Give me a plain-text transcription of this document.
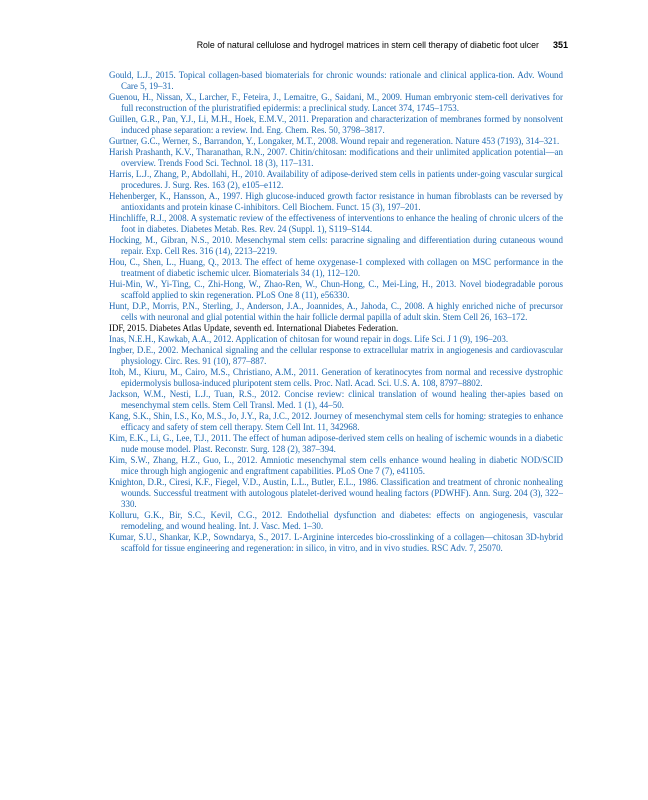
Role of natural cellulose and hydrogel matrices in stem cell therapy of diabetic foot ulcer 351
Gould, L.J., 2015. Topical collagen-based biomaterials for chronic wounds: rationale and clinical applica-tion. Adv. Wound Care 5, 19–31.
Guenou, H., Nissan, X., Larcher, F., Feteira, J., Lemaitre, G., Saidani, M., 2009. Human embryonic stem-cell derivatives for full reconstruction of the pluristratified epidermis: a preclinical study. Lancet 374, 1745–1753.
Guillen, G.R., Pan, Y.J., Li, M.H., Hoek, E.M.V., 2011. Preparation and characterization of membranes formed by nonsolvent induced phase separation: a review. Ind. Eng. Chem. Res. 50, 3798–3817.
Gurtner, G.C., Werner, S., Barrandon, Y., Longaker, M.T., 2008. Wound repair and regeneration. Nature 453 (7193), 314–321.
Harish Prashanth, K.V., Tharanathan, R.N., 2007. Chitin/chitosan: modifications and their unlimited application potential—an overview. Trends Food Sci. Technol. 18 (3), 117–131.
Harris, L.J., Zhang, P., Abdollahi, H., 2010. Availability of adipose-derived stem cells in patients under-going vascular surgical procedures. J. Surg. Res. 163 (2), e105–e112.
Hehenberger, K., Hansson, A., 1997. High glucose-induced growth factor resistance in human fibroblasts can be reversed by antioxidants and protein kinase C-inhibitors. Cell Biochem. Funct. 15 (3), 197–201.
Hinchliffe, R.J., 2008. A systematic review of the effectiveness of interventions to enhance the healing of chronic ulcers of the foot in diabetes. Diabetes Metab. Res. Rev. 24 (Suppl. 1), S119–S144.
Hocking, M., Gibran, N.S., 2010. Mesenchymal stem cells: paracrine signaling and differentiation during cutaneous wound repair. Exp. Cell Res. 316 (14), 2213–2219.
Hou, C., Shen, L., Huang, Q., 2013. The effect of heme oxygenase-1 complexed with collagen on MSC performance in the treatment of diabetic ischemic ulcer. Biomaterials 34 (1), 112–120.
Hui-Min, W., Yi-Ting, C., Zhi-Hong, W., Zhao-Ren, W., Chun-Hong, C., Mei-Ling, H., 2013. Novel biodegradable porous scaffold applied to skin regeneration. PLoS One 8 (11), e56330.
Hunt, D.P., Morris, P.N., Sterling, J., Anderson, J.A., Joannides, A., Jahoda, C., 2008. A highly enriched niche of precursor cells with neuronal and glial potential within the hair follicle dermal papilla of adult skin. Stem Cell 26, 163–172.
IDF, 2015. Diabetes Atlas Update, seventh ed. International Diabetes Federation.
Inas, N.E.H., Kawkab, A.A., 2012. Application of chitosan for wound repair in dogs. Life Sci. J 1 (9), 196–203.
Ingber, D.E., 2002. Mechanical signaling and the cellular response to extracellular matrix in angiogenesis and cardiovascular physiology. Circ. Res. 91 (10), 877–887.
Itoh, M., Kiuru, M., Cairo, M.S., Christiano, A.M., 2011. Generation of keratinocytes from normal and recessive dystrophic epidermolysis bullosa-induced pluripotent stem cells. Proc. Natl. Acad. Sci. U.S. A. 108, 8797–8802.
Jackson, W.M., Nesti, L.J., Tuan, R.S., 2012. Concise review: clinical translation of wound healing ther-apies based on mesenchymal stem cells. Stem Cell Transl. Med. 1 (1), 44–50.
Kang, S.K., Shin, I.S., Ko, M.S., Jo, J.Y., Ra, J.C., 2012. Journey of mesenchymal stem cells for homing: strategies to enhance efficacy and safety of stem cell therapy. Stem Cell Int. 11, 342968.
Kim, E.K., Li, G., Lee, T.J., 2011. The effect of human adipose-derived stem cells on healing of ischemic wounds in a diabetic nude mouse model. Plast. Reconstr. Surg. 128 (2), 387–394.
Kim, S.W., Zhang, H.Z., Guo, L., 2012. Amniotic mesenchymal stem cells enhance wound healing in diabetic NOD/SCID mice through high angiogenic and engraftment capabilities. PLoS One 7 (7), e41105.
Knighton, D.R., Ciresi, K.F., Fiegel, V.D., Austin, L.L., Butler, E.L., 1986. Classification and treatment of chronic nonhealing wounds. Successful treatment with autologous platelet-derived wound healing factors (PDWHF). Ann. Surg. 204 (3), 322–330.
Kolluru, G.K., Bir, S.C., Kevil, C.G., 2012. Endothelial dysfunction and diabetes: effects on angiogenesis, vascular remodeling, and wound healing. Int. J. Vasc. Med. 1–30.
Kumar, S.U., Shankar, K.P., Sowndarya, S., 2017. L-Arginine intercedes bio-crosslinking of a collagen—chitosan 3D-hybrid scaffold for tissue engineering and regeneration: in silico, in vitro, and in vivo studies. RSC Adv. 7, 25070.
